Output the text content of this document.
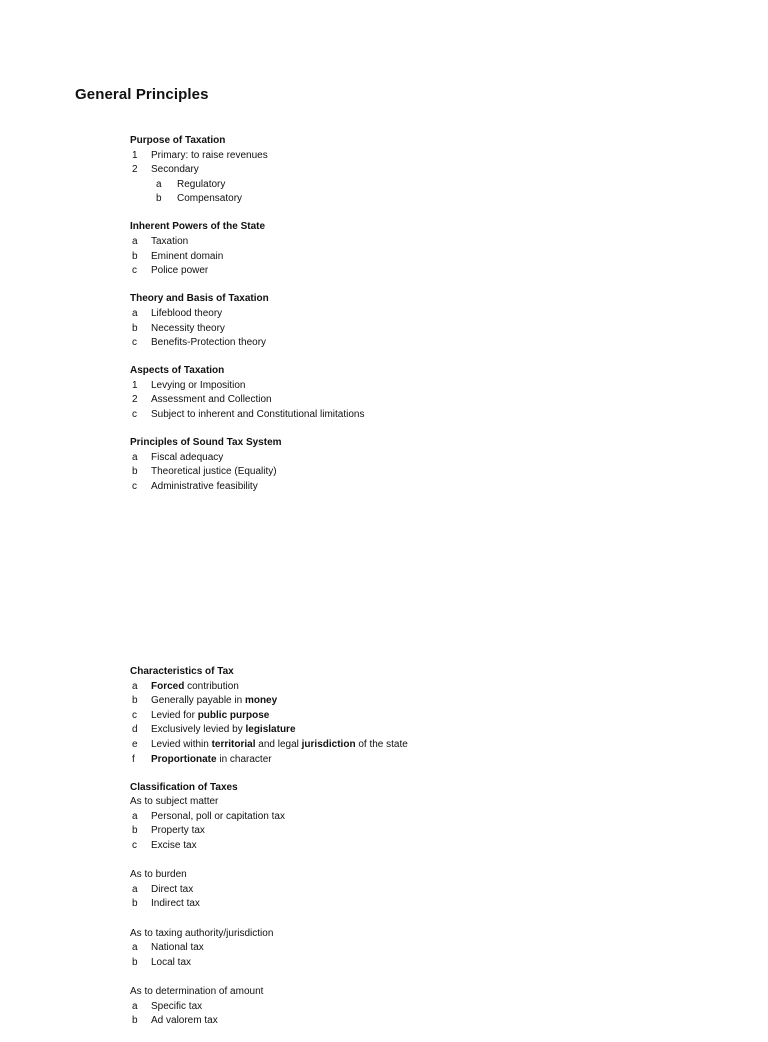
General Principles
Purpose of Taxation
1	Primary: to raise revenues
2	Secondary
a	Regulatory
b	Compensatory
Inherent Powers of the State
a	Taxation
b	Eminent domain
c	Police power
Theory and Basis of Taxation
a	Lifeblood theory
b	Necessity theory
c	Benefits-Protection theory
Aspects of Taxation
1	Levying or Imposition
2	Assessment and Collection
c	Subject to inherent and Constitutional limitations
Principles of Sound Tax System
a	Fiscal adequacy
b	Theoretical justice (Equality)
c	Administrative feasibility
Characteristics of Tax
a	Forced contribution
b	Generally payable in money
c	Levied for public purpose
d	Exclusively levied by legislature
e	Levied within territorial and legal jurisdiction of the state
f	Proportionate in character
Classification of Taxes
As to subject matter
a	Personal, poll or capitation tax
b	Property tax
c	Excise tax
As to burden
a	Direct tax
b	Indirect tax
As to taxing authority/jurisdiction
a	National tax
b	Local tax
As to determination of amount
a	Specific tax
b	Ad valorem tax
